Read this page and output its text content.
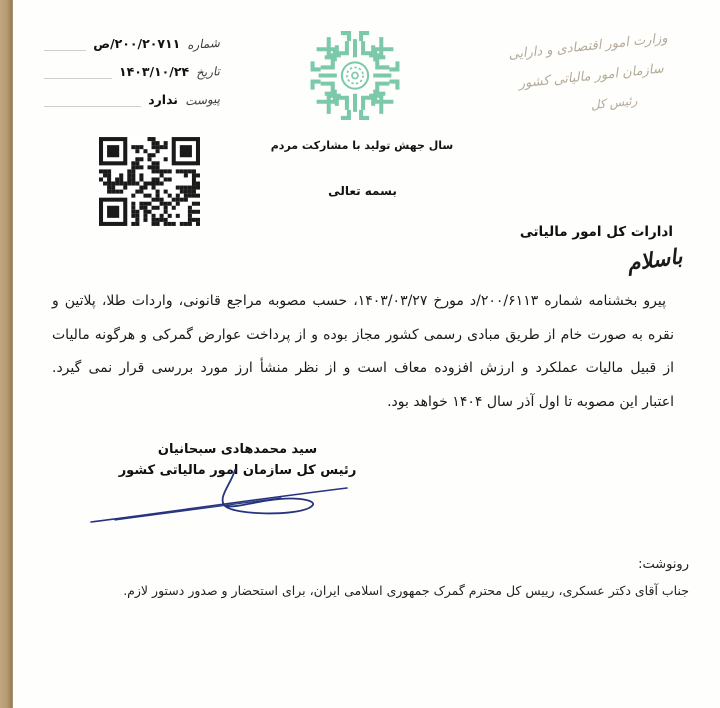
شماره
۲۰۰/۲۰۷۱۱/ص
تاریخ
۱۴۰۳/۱۰/۲۴
پیوست
ندارد
وزارت امور اقتصادی و دارایی
سازمان امور مالیاتی کشور
رئیس کل
سال جهش تولید با مشارکت مردم
بسمه تعالی
ادارات کل امور مالیاتی
باسلام
پیرو بخشنامه شماره ۲۰۰/۶۱۱۳/د مورخ ۱۴۰۳/۰۳/۲۷، حسب مصوبه مراجع قانونی، واردات طلا، پلاتین و
نقره به صورت خام از طریق مبادی رسمی کشور مجاز بوده و از پرداخت عوارض گمرکی و هرگونه مالیات
از قبیل مالیات عملکرد و ارزش افزوده معاف است و از نظر منشأ ارز مورد بررسی قرار نمی گیرد.
اعتبار این مصوبه تا اول آذر سال ۱۴۰۴ خواهد بود.
سید محمدهادی سبحانیان
رئیس کل سازمان امور مالیاتی کشور
رونوشت:
جناب آقای دکتر عسکری، رییس کل محترم گمرک جمهوری اسلامی ایران، برای استحضار و صدور دستور لازم.
